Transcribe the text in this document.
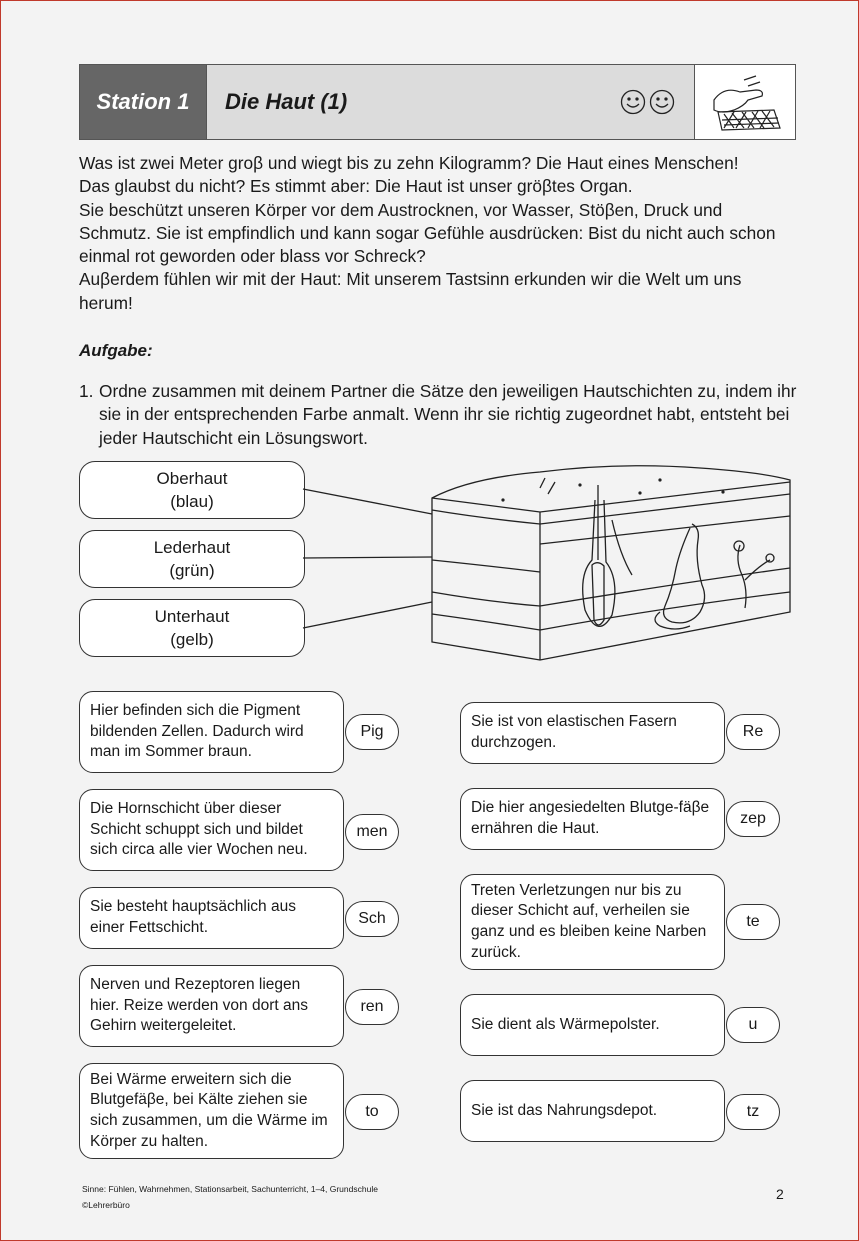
Station 1	Die Haut (1)

Was ist zwei Meter groβ und wiegt bis zu zehn Kilogramm? Die Haut eines Menschen!

Das glaubst du nicht? Es stimmt aber: Die Haut ist unser gröβtes Organ.

Sie beschützt unseren Körper vor dem Austrocknen, vor Wasser, Stöβen, Druck und Schmutz. Sie ist empfindlich und kann sogar Gefühle ausdrücken: Bist du nicht auch schon einmal rot geworden oder blass vor Schreck?

Auβerdem fühlen wir mit der Haut: Mit unserem Tastsinn erkunden wir die Welt um uns herum!

Aufgabe:
1. Ordne zusammen mit deinem Partner die Sätze den jeweiligen Hautschichten zu, indem ihr sie in der entsprechenden Farbe anmalt. Wenn ihr sie richtig zugeordnet habt, entsteht bei jeder Hautschicht ein Lösungswort.
Oberhaut
(blau)
Lederhaut
(grün)
Unterhaut
(gelb)
Hier befinden sich die Pigment bildenden Zellen. Dadurch wird man im Sommer braun.
Pig
Die Hornschicht über dieser Schicht schuppt sich und bildet sich circa alle vier Wochen neu.
men
Sie besteht hauptsächlich aus einer Fettschicht.
Sch
Nerven und Rezeptoren liegen hier. Reize werden von dort ans Gehirn weitergeleitet.
ren
Bei Wärme erweitern sich die Blutgefäβe, bei Kälte ziehen sie sich zusammen, um die Wärme im Körper zu halten.
to
Sie ist von elastischen Fasern durchzogen.
Re
Die hier angesiedelten Blutge-fäβe ernähren die Haut.
zep
Treten Verletzungen nur bis zu dieser Schicht auf, verheilen sie ganz und es bleiben keine Narben zurück.
te
Sie dient als Wärmepolster.	u
Sie ist das Nahrungsdepot.	tz
Sinne: Fühlen, Wahrnehmen, Stationsarbeit, Sachunterricht, 1–4, Grundschule
©Lehrerbüro
2
